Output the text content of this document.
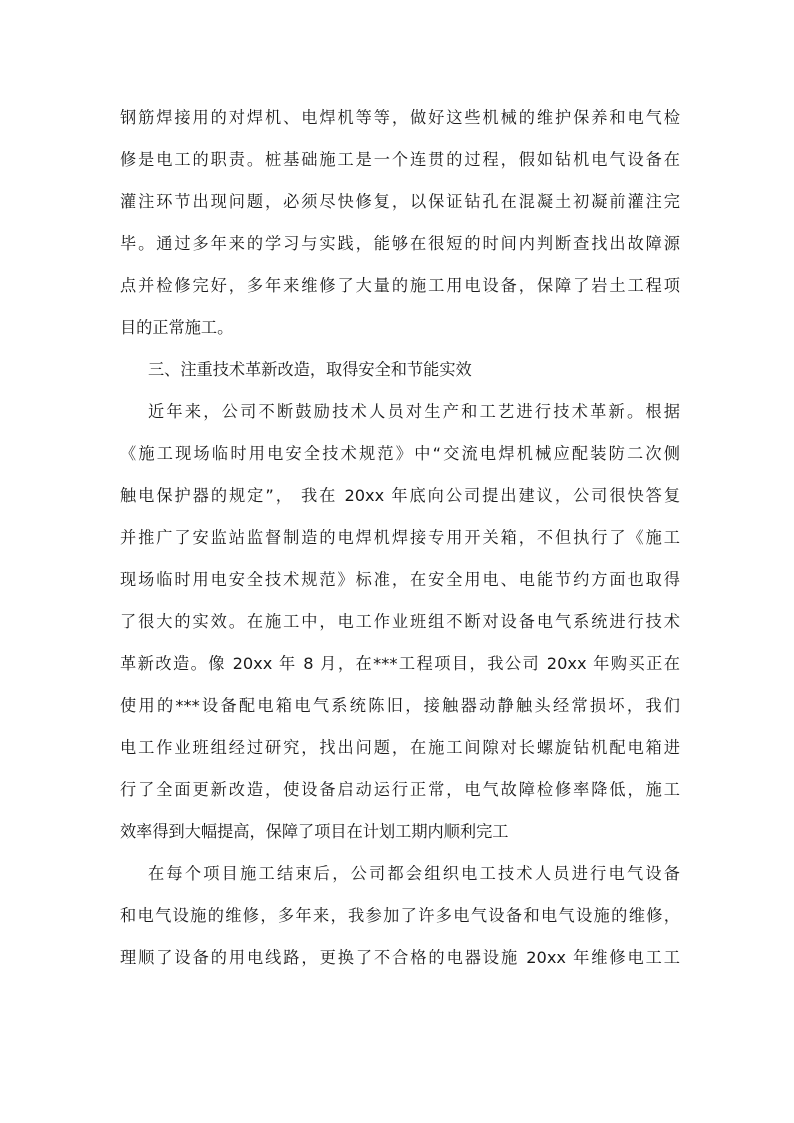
钢筋焊接用的对焊机、电焊机等等，做好这些机械的维护保养和电气检
修是电工的职责。桩基础施工是一个连贯的过程，假如钻机电气设备在
灌注环节出现问题，必须尽快修复，以保证钻孔在混凝土初凝前灌注完
毕。通过多年来的学习与实践，能够在很短的时间内判断查找出故障源
点并检修完好，多年来维修了大量的施工用电设备，保障了岩土工程项
目的正常施工。
三、注重技术革新改造，取得安全和节能实效
近年来，公司不断鼓励技术人员对生产和工艺进行技术革新。根据
《施工现场临时用电安全技术规范》中“交流电焊机械应配装防二次侧
触电保护器的规定”， 我在 20xx 年底向公司提出建议，公司很快答复
并推广了安监站监督制造的电焊机焊接专用开关箱，不但执行了《施工
现场临时用电安全技术规范》标准，在安全用电、电能节约方面也取得
了很大的实效。在施工中，电工作业班组不断对设备电气系统进行技术
革新改造。像 20xx 年 8 月，在***工程项目，我公司 20xx 年购买正在
使用的***设备配电箱电气系统陈旧，接触器动静触头经常损坏，我们
电工作业班组经过研究，找出问题，在施工间隙对长螺旋钻机配电箱进
行了全面更新改造，使设备启动运行正常，电气故障检修率降低，施工
效率得到大幅提高，保障了项目在计划工期内顺利完工
在每个项目施工结束后，公司都会组织电工技术人员进行电气设备
和电气设施的维修，多年来，我参加了许多电气设备和电气设施的维修，
理顺了设备的用电线路，更换了不合格的电器设施 20xx 年维修电工工
